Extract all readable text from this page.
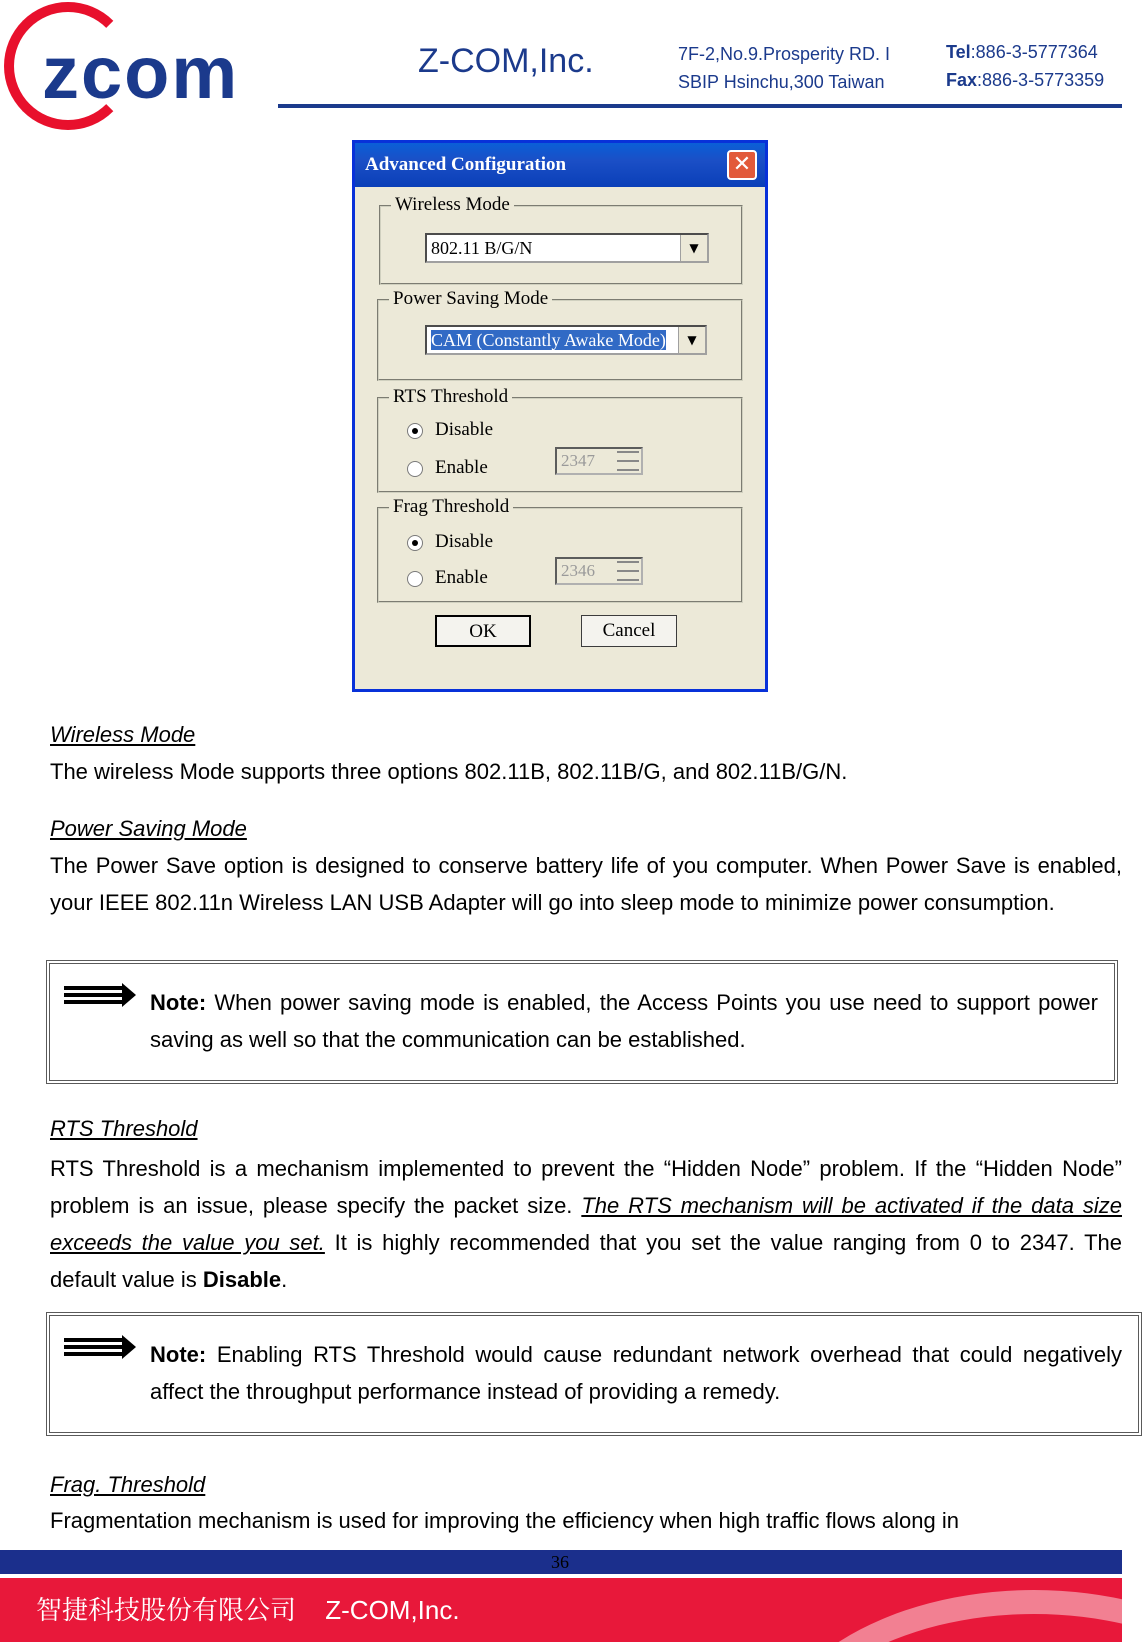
zcom	Z-COM,Inc.	7F-2,No.9.Prosperity RD. I
SBIP Hsinchu,300 Taiwan
Tel:886-3-5777364
Fax:886-3-5773359
Advanced Configuration	✕
Wireless Mode
802.11 B/G/N	▼
Power Saving Mode
CAM (Constantly Awake Mode)	▼
RTS Threshold
Disable
Enable	2347
Frag Threshold
Disable
Enable	2346
OK	Cancel
Wireless Mode
The wireless Mode supports three options 802.11B, 802.11B/G, and 802.11B/G/N.
Power Saving Mode
The Power Save option is designed to conserve battery life of you computer. When Power Save is enabled, your IEEE 802.11n Wireless LAN USB Adapter will go into sleep mode to minimize power consumption.
Note: When power saving mode is enabled, the Access Points you use need to support power saving as well so that the communication can be established.
RTS Threshold
RTS Threshold is a mechanism implemented to prevent the “Hidden Node” problem. If the “Hidden Node” problem is an issue, please specify the packet size. The RTS mechanism will be activated if the data size exceeds the value you set. It is highly recommended that you set the value ranging from 0 to 2347. The default value is Disable.
Note: Enabling RTS Threshold would cause redundant network overhead that could negatively affect the throughput performance instead of providing a remedy.
Frag. Threshold
Fragmentation mechanism is used for improving the efficiency when high traffic flows along in
36
智捷科技股份有限公司 Z-COM,Inc.
